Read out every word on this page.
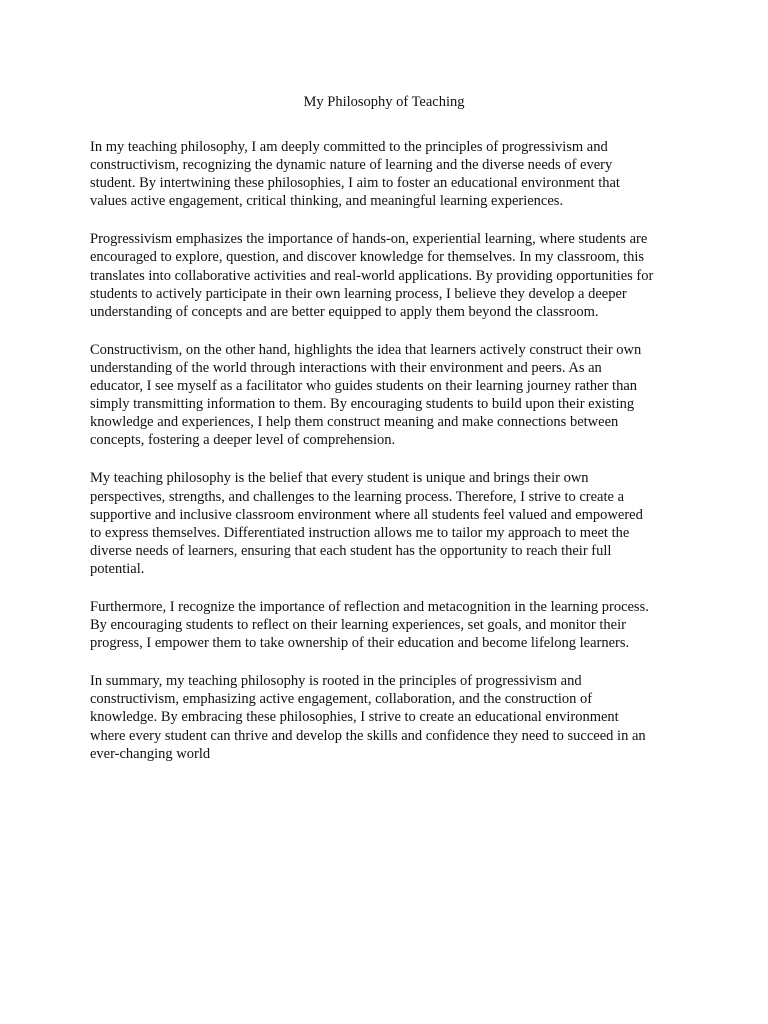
My Philosophy of Teaching

In my teaching philosophy, I am deeply committed to the principles of progressivism and
constructivism, recognizing the dynamic nature of learning and the diverse needs of every
student. By intertwining these philosophies, I aim to foster an educational environment that
values active engagement, critical thinking, and meaningful learning experiences.

Progressivism emphasizes the importance of hands-on, experiential learning, where students are
encouraged to explore, question, and discover knowledge for themselves. In my classroom, this
translates into collaborative activities and real-world applications. By providing opportunities for
students to actively participate in their own learning process, I believe they develop a deeper
understanding of concepts and are better equipped to apply them beyond the classroom.

Constructivism, on the other hand, highlights the idea that learners actively construct their own
understanding of the world through interactions with their environment and peers. As an
educator, I see myself as a facilitator who guides students on their learning journey rather than
simply transmitting information to them. By encouraging students to build upon their existing
knowledge and experiences, I help them construct meaning and make connections between
concepts, fostering a deeper level of comprehension.

My teaching philosophy is the belief that every student is unique and brings their own
perspectives, strengths, and challenges to the learning process. Therefore, I strive to create a
supportive and inclusive classroom environment where all students feel valued and empowered
to express themselves. Differentiated instruction allows me to tailor my approach to meet the
diverse needs of learners, ensuring that each student has the opportunity to reach their full
potential.

Furthermore, I recognize the importance of reflection and metacognition in the learning process.
By encouraging students to reflect on their learning experiences, set goals, and monitor their
progress, I empower them to take ownership of their education and become lifelong learners.

In summary, my teaching philosophy is rooted in the principles of progressivism and
constructivism, emphasizing active engagement, collaboration, and the construction of
knowledge. By embracing these philosophies, I strive to create an educational environment
where every student can thrive and develop the skills and confidence they need to succeed in an
ever-changing world
